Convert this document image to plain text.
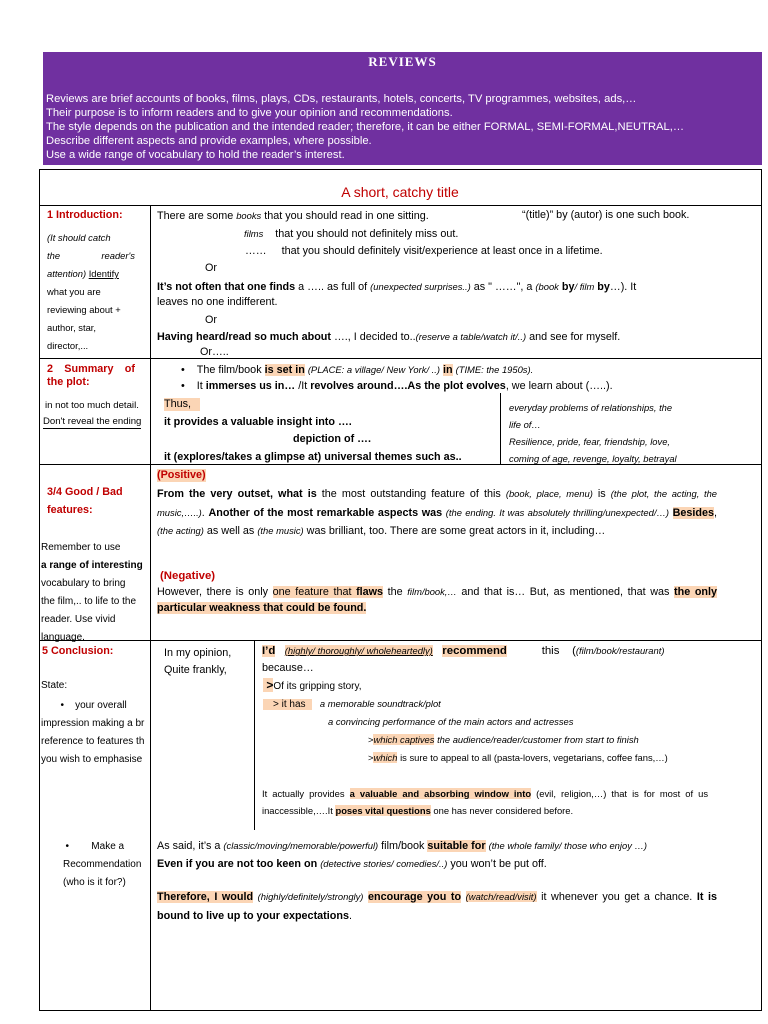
REVIEWS
Reviews are brief accounts of books, films, plays, CDs, restaurants, hotels, concerts, TV programmes, websites, ads,…
Their purpose is to inform readers and to give your opinion and recommendations.
The style depends on the publication and the intended reader; therefore, it can be either FORMAL, SEMI-FORMAL,NEUTRAL,…
Describe different aspects and provide examples, where possible.
Use a wide range of vocabulary to hold the reader’s interest.
A short, catchy title
1 Introduction:
(It should catch
the reader's
attention) Identify
what you are
reviewing about +
author, star,
director,...
There are some books that you should read in one sitting.	“(title)” by (autor) is one such book.
films that you should not definitely miss out.
…… that you should definitely visit/experience at least once in a lifetime.
Or
It’s not often that one finds a ….. as full of (unexpected surprises..) as " ……", a (book by/ film by…). It
leaves no one indifferent.
Or
Having heard/read so much about …., I decided to..(reserve a table/watch it/..) and see for myself.
Or…..
2 Summary of
the plot:
in not too much detail.
Don't reveal the ending
•    The film/book is set in (PLACE: a village/ New York/ ..) in (TIME: the 1950s).
•    It immerses us in… /It revolves around….As the plot evolves, we learn about (…..).
Thus,
it provides a valuable insight into ….
depiction of ….
it (explores/takes a glimpse at) universal themes such as..
everyday problems of relationships, the
life of…
Resilience, pride, fear, friendship, love,
coming of age, revenge, loyalty, betrayal
3/4 Good / Bad
features:
Remember to use
a range of interesting
vocabulary to bring
the film,.. to life to the
reader. Use vivid
language.
(Positive)
From the very outset, what is the most outstanding feature of this (book, place, menu) is (the plot, the acting, the music,…..). Another of the most remarkable aspects was (the ending. It was absolutely thrilling/unexpected/…) Besides, (the acting) as well as (the music) was brilliant, too. There are some great actors in it, including…
(Negative)
However, there is only one feature that flaws the film/book,… and that is… But, as mentioned, that was the only particular weakness that could be found.
5 Conclusion:
State:
•    your overall
impression making a br
reference to features th
you wish to emphasise
In my opinion,
Quite frankly,
I’d (highly/ thoroughly/ wholeheartedly) recommend	this    ((film/book/restaurant)
because…
>Of its gripping story,
> it has a memorable soundtrack/plot
a convincing performance of the main actors and actresses
>which captives the audience/reader/customer from start to finish
>which is sure to appeal to all (pasta-lovers, vegetarians, coffee fans,…)
It actually provides a valuable and absorbing window into (evil, religion,…) that is for most of us inaccessible,….It poses vital questions one has never considered before.
•        Make a
Recommendation
(who is it for?)
As said, it’s a (classic/moving/memorable/powerful) film/book suitable for (the whole family/ those who enjoy …)
Even if you are not too keen on (detective stories/ comedies/..) you won’t be put off.
Therefore, I would (highly/definitely/strongly) encourage you to (watch/read/visit) it whenever you get a chance. It is bound to live up to your expectations.
